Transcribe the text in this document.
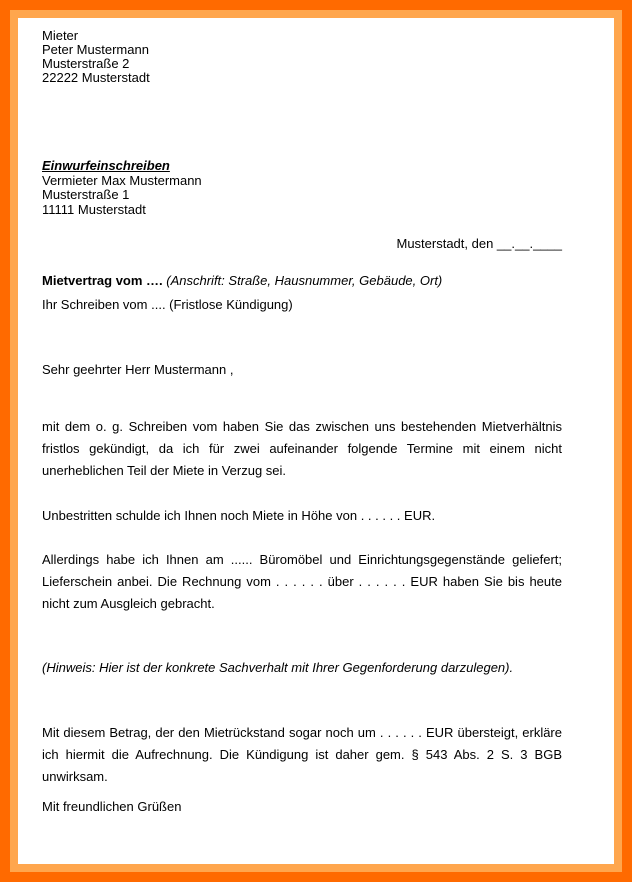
Mieter
Peter Mustermann
Musterstraße 2
22222 Musterstadt
Einwurfeinschreiben
Vermieter Max Mustermann
Musterstraße 1
11111 Musterstadt
Musterstadt, den __.__.____
Mietvertrag vom …. (Anschrift: Straße, Hausnummer, Gebäude, Ort)
Ihr Schreiben vom .... (Fristlose Kündigung)
Sehr geehrter Herr Mustermann ,
mit dem o. g. Schreiben vom haben Sie das zwischen uns bestehenden Mietverhältnis fristlos gekündigt, da ich für zwei aufeinander folgende Termine mit einem nicht unerheblichen Teil der Miete in Verzug sei.
Unbestritten schulde ich Ihnen noch Miete in Höhe von . . . . . . EUR.
Allerdings habe ich Ihnen am ...... Büromöbel und Einrichtungsgegenstände geliefert; Lieferschein anbei. Die Rechnung vom . . . . . . über . . . . . . EUR haben Sie bis heute nicht zum Ausgleich gebracht.
(Hinweis: Hier ist der konkrete Sachverhalt mit Ihrer Gegenforderung darzulegen).
Mit diesem Betrag, der den Mietrückstand sogar noch um . . . . . . EUR übersteigt, erkläre ich hiermit die Aufrechnung. Die Kündigung ist daher gem. § 543 Abs. 2 S. 3 BGB unwirksam.
Mit freundlichen Grüßen
